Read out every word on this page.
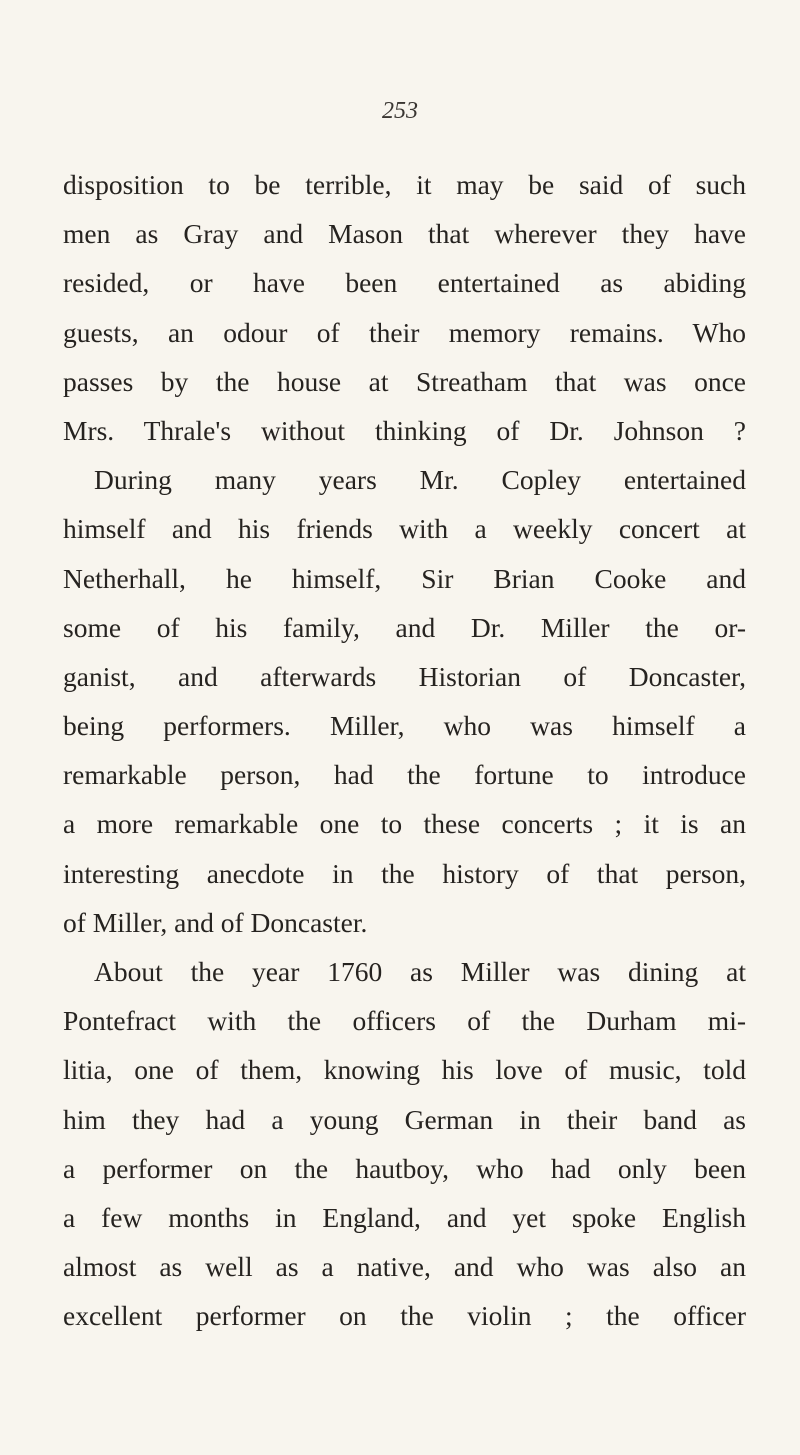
253
disposition to be terrible, it may be said of such
men as Gray and Mason that wherever they have
resided, or have been entertained as abiding
guests, an odour of their memory remains. Who
passes by the house at Streatham that was once
Mrs. Thrale's without thinking of Dr. Johnson ?
During many years Mr. Copley entertained
himself and his friends with a weekly concert at
Netherhall, he himself, Sir Brian Cooke and
some of his family, and Dr. Miller the or-
ganist, and afterwards Historian of Doncaster,
being performers. Miller, who was himself a
remarkable person, had the fortune to introduce
a more remarkable one to these concerts ; it is an
interesting anecdote in the history of that person,
of Miller, and of Doncaster.
About the year 1760 as Miller was dining at
Pontefract with the officers of the Durham mi-
litia, one of them, knowing his love of music, told
him they had a young German in their band as
a performer on the hautboy, who had only been
a few months in England, and yet spoke English
almost as well as a native, and who was also an
excellent performer on the violin ; the officer
